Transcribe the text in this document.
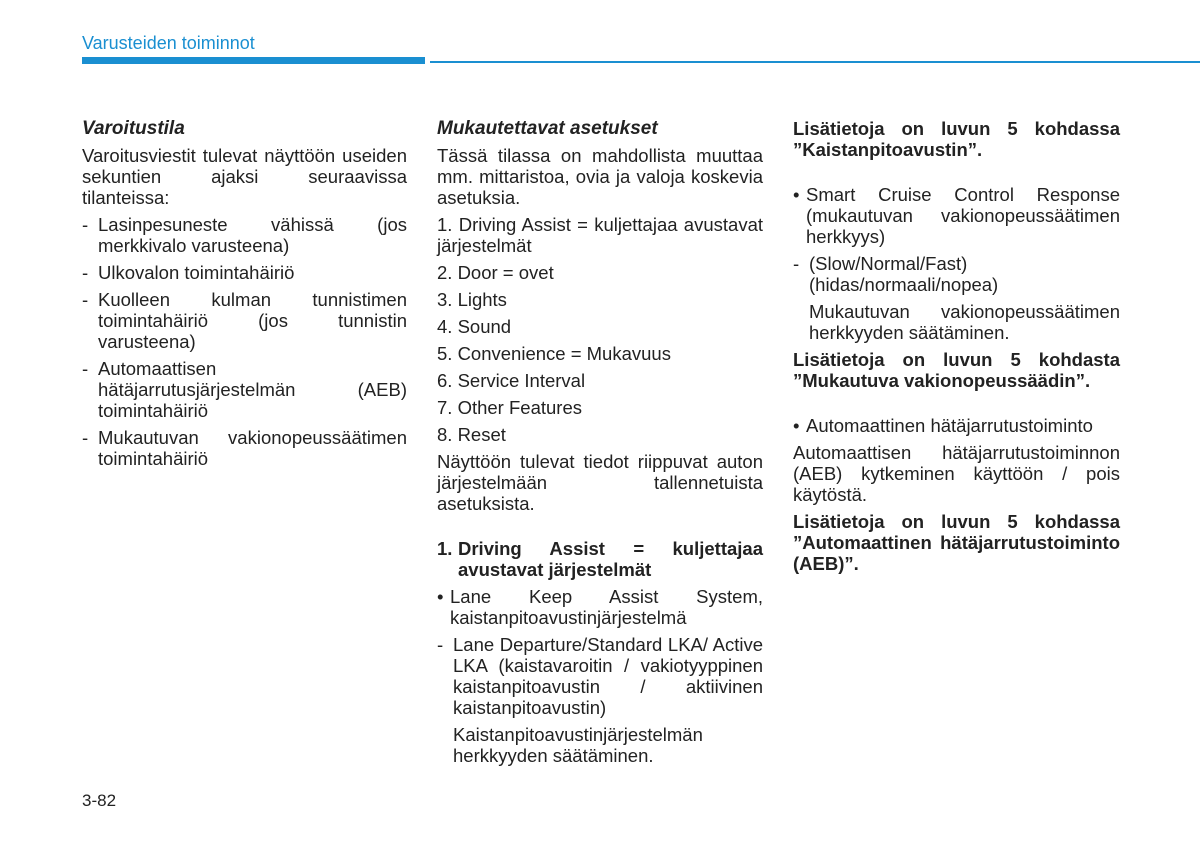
Varusteiden toiminnot
Varoitustila

Varoitusviestit tulevat näyttöön useiden sekuntien ajaksi seuraavissa tilanteissa:

- Lasinpesuneste vähissä (jos merkkivalo varusteena)
- Ulkovalon toimintahäiriö
- Kuolleen kulman tunnistimen toimintahäiriö (jos tunnistin varusteena)
- Automaattisen hätäjarrutusjärjestelmän (AEB) toimintahäiriö
- Mukautuvan vakionopeussäätimen toimintahäiriö
Mukautettavat asetukset

Tässä tilassa on mahdollista muuttaa mm. mittaristoa, ovia ja valoja koskevia asetuksia.

1. Driving Assist = kuljettajaa avustavat järjestelmät

2. Door = ovet

3. Lights

4. Sound

5. Convenience = Mukavuus

6. Service Interval

7. Other Features

8. Reset

Näyttöön tulevat tiedot riippuvat auton järjestelmään tallennetuista asetuksista.

1. Driving Assist = kuljettajaa avustavat järjestelmät
• Lane Keep Assist System, kaistanpitoavustinjärjestelmä
- Lane Departure/Standard LKA/ Active LKA (kaistavaroitin / vakiotyyppinen kaistanpitoavustin / aktiivinen kaistanpitoavustin)

Kaistanpitoavustinjärjestelmän herkkyyden säätäminen.

Lisätietoja on luvun 5 kohdassa ”Kaistanpitoavustin”.

• Smart Cruise Control Response (mukautuvan vakionopeussäätimen herkkyys)
- (Slow/Normal/Fast) (hidas/normaali/nopea)

Mukautuvan vakionopeussäätimen herkkyyden säätäminen.

Lisätietoja on luvun 5 kohdasta ”Mukautuva vakionopeussäädin”.

• Automaattinen hätäjarrutustoiminto

Automaattisen hätäjarrutustoiminnon (AEB) kytkeminen käyttöön / pois käytöstä.

Lisätietoja on luvun 5 kohdassa ”Automaattinen hätäjarrutustoiminto (AEB)”.

3-82
